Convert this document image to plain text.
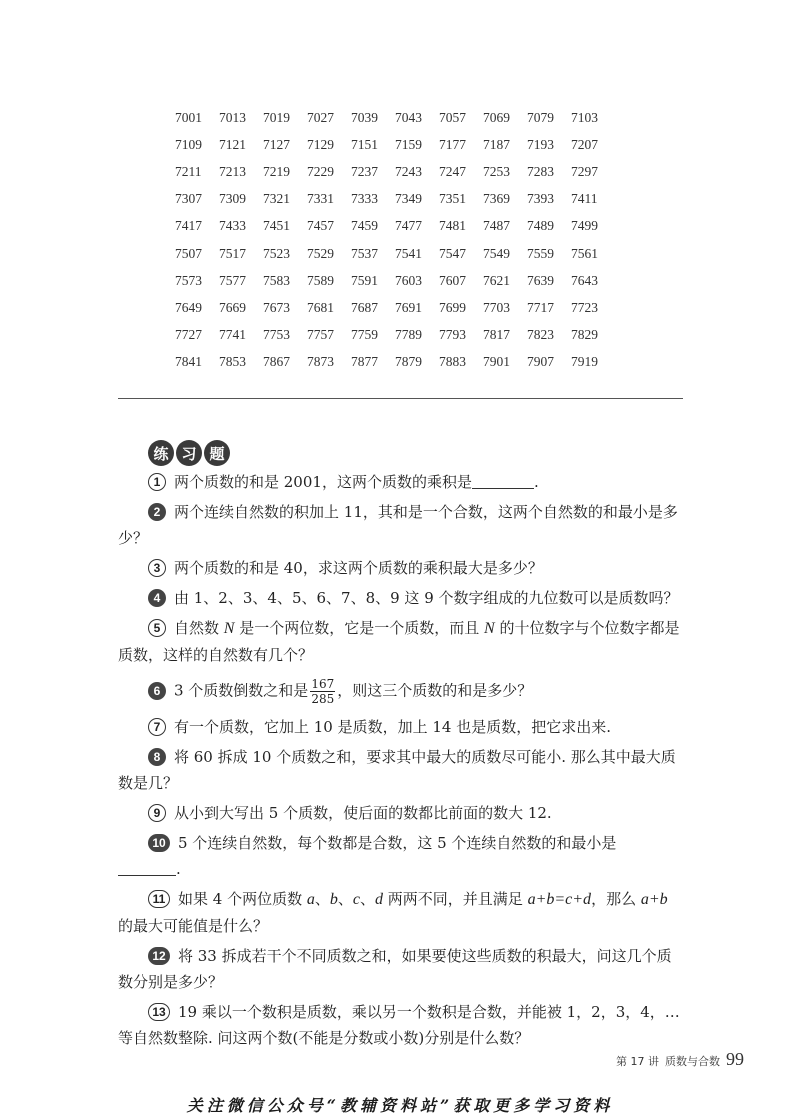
7001	7013	7019	7027	7039	7043	7057	7069	7079	7103
7109	7121	7127	7129	7151	7159	7177	7187	7193	7207
7211	7213	7219	7229	7237	7243	7247	7253	7283	7297
7307	7309	7321	7331	7333	7349	7351	7369	7393	7411
7417	7433	7451	7457	7459	7477	7481	7487	7489	7499
7507	7517	7523	7529	7537	7541	7547	7549	7559	7561
7573	7577	7583	7589	7591	7603	7607	7621	7639	7643
7649	7669	7673	7681	7687	7691	7699	7703	7717	7723
7727	7741	7753	7757	7759	7789	7793	7817	7823	7829
7841	7853	7867	7873	7877	7879	7883	7901	7907	7919
练 习 题

1 两个质数的和是 2001，这两个质数的乘积是	.

2 两个连续自然数的积加上 11，其和是一个合数，这两个自然数的和最小是多少？

3 两个质数的和是 40，求这两个质数的乘积最大是多少？

4 由 1、2、3、4、5、6、7、8、9 这 9 个数字组成的九位数可以是质数吗？

5 自然数 N 是一个两位数，它是一个质数，而且 N 的十位数字与个位数字都是质数，这样的自然数有几个？

6 3 个质数倒数之和是 $\frac{167}{285}$ ，则这三个质数的和是多少？

7 有一个质数，它加上 10 是质数，加上 14 也是质数，把它求出来.

8 将 60 拆成 10 个质数之和，要求其中最大的质数尽可能小. 那么其中最大质数是几？

9 从小到大写出 5 个质数，使后面的数都比前面的数大 12.

10 5 个连续自然数，每个数都是合数，这 5 个连续自然数的和最小是
.

11 如果 4 个两位质数 a、b、c、d 两两不同，并且满足 a+b=c+d，那么 a+b 的最大可能值是什么？

12 将 33 拆成若干个不同质数之和，如果要使这些质数的积最大，问这几个质数分别是多少？

13 19 乘以一个数积是质数，乘以另一个数积是合数，并能被 1，2，3，4，…等自然数整除. 问这两个数(不能是分数或小数)分别是什么数？

第 17 讲 质数与合数 99
关注微信公众号“教辅资料站”获取更多学习资料
